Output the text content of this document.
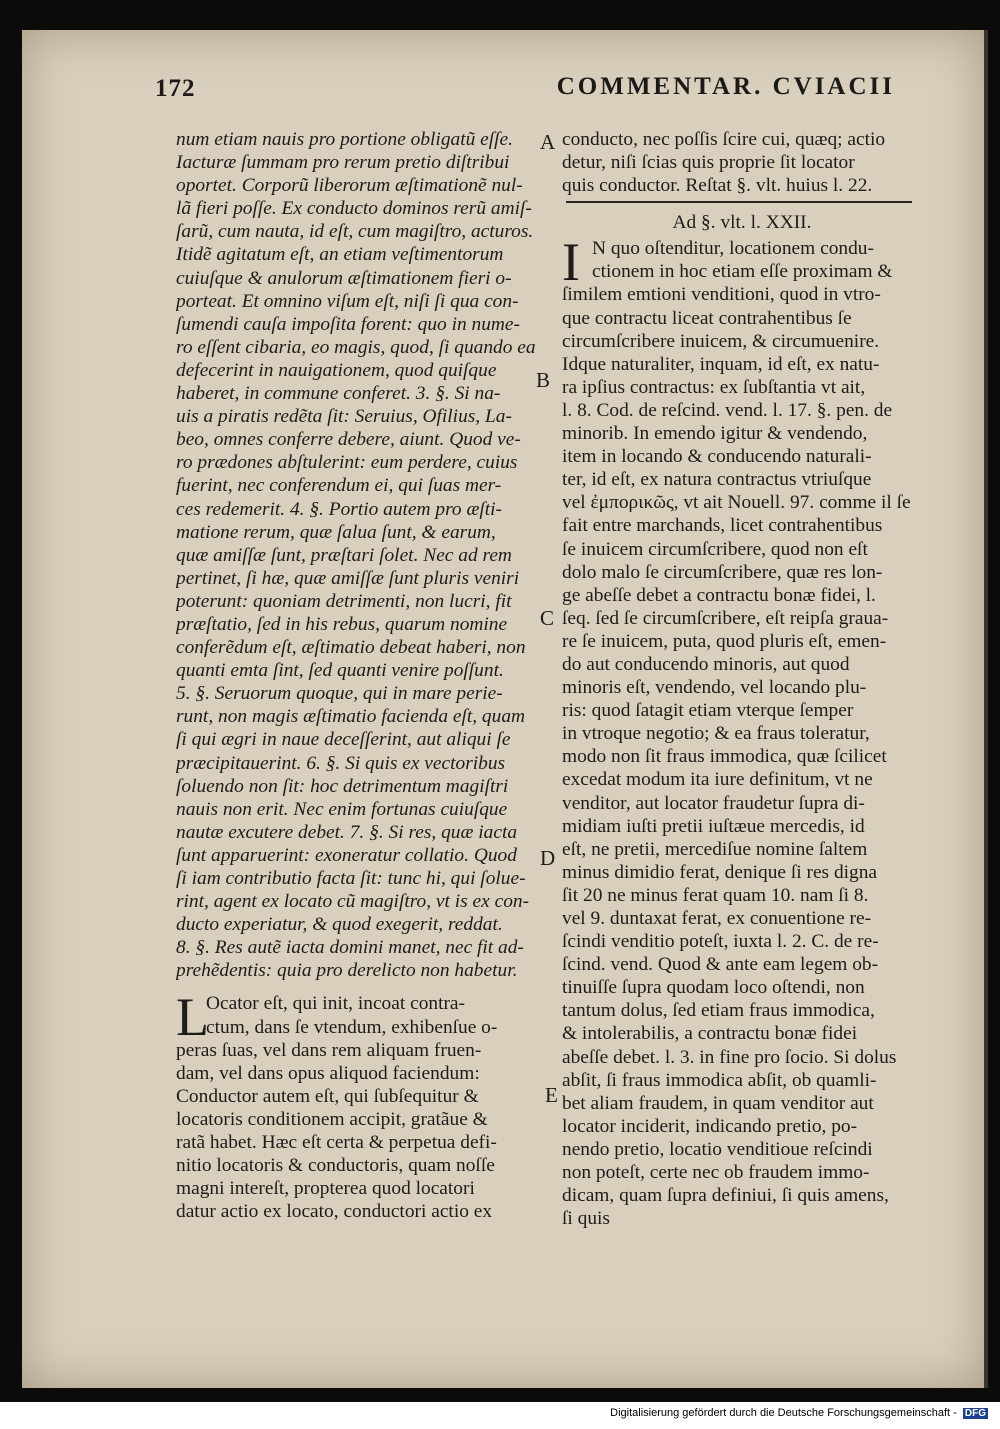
172	COMMENTAR. CVIACII
num etiam nauis pro portione obligatũ eſſe.
Iacturæ ſummam pro rerum pretio diſtribui
oportet. Corporũ liberorum æſtimationẽ nul-
lã fieri poſſe. Ex conducto dominos rerũ amiſ-
ſarũ, cum nauta, id eſt, cum magiſtro, acturos.
Itidẽ agitatum eſt, an etiam veſtimentorum
cuiuſque & anulorum æſtimationem fieri o-
porteat. Et omnino viſum eſt, niſi ſi qua con-
ſumendi cauſa impoſita forent: quo in nume-
ro eſſent cibaria, eo magis, quod, ſi quando ea
defecerint in nauigationem, quod quiſque
haberet, in commune conferet. 3. §. Si na-
uis a piratis redẽta ſit: Seruius, Ofilius, La-
beo, omnes conferre debere, aiunt. Quod ve-
ro prædones abſtulerint: eum perdere, cuius
fuerint, nec conferendum ei, qui ſuas mer-
ces redemerit. 4. §. Portio autem pro æſti-
matione rerum, quæ ſalua ſunt, & earum,
quæ amiſſæ ſunt, præſtari ſolet. Nec ad rem
pertinet, ſi hæ, quæ amiſſæ ſunt pluris veniri
poterunt: quoniam detrimenti, non lucri, fit
præſtatio, ſed in his rebus, quarum nomine
conferẽdum eſt, æſtimatio debeat haberi, non
quanti emta ſint, ſed quanti venire poſſunt.
5. §. Seruorum quoque, qui in mare perie-
runt, non magis æſtimatio facienda eſt, quam
ſi qui ægri in naue deceſſerint, aut aliqui ſe
præcipitauerint. 6. §. Si quis ex vectoribus
ſoluendo non ſit: hoc detrimentum magiſtri
nauis non erit. Nec enim fortunas cuiuſque
nautæ excutere debet. 7. §. Si res, quæ iacta
ſunt apparuerint: exoneratur collatio. Quod
ſi iam contributio facta ſit: tunc hi, qui ſolue-
rint, agent ex locato cũ magiſtro, vt is ex con-
ducto experiatur, & quod exegerit, reddat.
8. §. Res autẽ iacta domini manet, nec fit ad-
prehẽdentis: quia pro derelicto non habetur.
L
Ocator eſt, qui init, incoat contra-
ctum, dans ſe vtendum, exhibenſue o-
peras ſuas, vel dans rem aliquam fruen-
dam, vel dans opus aliquod faciendum:
Conductor autem eſt, qui ſubſequitur &
locatoris conditionem accipit, gratãue &
ratã habet. Hæc eſt certa & perpetua defi-
nitio locatoris & conductoris, quam noſſe
magni intereſt, propterea quod locatori
datur actio ex locato, conductori actio ex
conducto, nec poſſis ſcire cui, quæq; actio
detur, niſi ſcias quis proprie ſit locator
quis conductor. Reſtat §. vlt. huius l. 22.
Ad §. vlt. l. XXII.
I N quo oſtenditur, locationem condu-
ctionem in hoc etiam eſſe proximam &
ſimilem emtioni venditioni, quod in vtro-
que contractu liceat contrahentibus ſe
circumſcribere inuicem, & circumuenire.
Idque naturaliter, inquam, id eſt, ex natu-
ra ipſius contractus: ex ſubſtantia vt ait,
l. 8. Cod. de reſcind. vend. l. 17. §. pen. de
minorib. In emendo igitur & vendendo,
item in locando & conducendo naturali-
ter, id eſt, ex natura contractus vtriuſque
vel ἐμπορικῶς, vt ait Nouell. 97. comme il ſe
fait entre marchands, licet contrahentibus
ſe inuicem circumſcribere, quod non eſt
dolo malo ſe circumſcribere, quæ res lon-
ge abeſſe debet a contractu bonæ fidei, l.
ſeq. ſed ſe circumſcribere, eſt reipſa grauа-
re ſe inuicem, puta, quod pluris eſt, emen-
do aut conducendo minoris, aut quod
minoris eſt, vendendo, vel locando plu-
ris: quod ſatagit etiam vterque ſemper
in vtroque negotio; & ea fraus toleratur,
modo non ſit fraus immodica, quæ ſcilicet
excedat modum ita iure definitum, vt ne
venditor, aut locator fraudetur ſupra di-
midiam iuſti pretii iuſtæue mercedis, id
eſt, ne pretii, mercediſue nomine ſaltem
minus dimidio ferat, denique ſi res digna
ſit 20 ne minus ferat quam 10. nam ſi 8.
vel 9. duntaxat ferat, ex conuentione re-
ſcindi venditio poteſt, iuxta l. 2. C. de re-
ſcind. vend. Quod & ante eam legem ob-
tinuiſſe ſupra quodam loco oſtendi, non
tantum dolus, ſed etiam fraus immodica,
& intolerabilis, a contractu bonæ fidei
abeſſe debet. l. 3. in fine pro ſocio. Si dolus
abſit, ſi fraus immodica abſit, ob quamli-
bet aliam fraudem, in quam venditor aut
locator inciderit, indicando pretio, po-
nendo pretio, locatio venditioue reſcindi
non poteſt, certe nec ob fraudem immo-
dicam, quam ſupra definiui, ſi quis amens,
ſi quis
A
B
C
D
E
Digitalisierung gefördert durch die Deutsche Forschungsgemeinschaft - DFG
